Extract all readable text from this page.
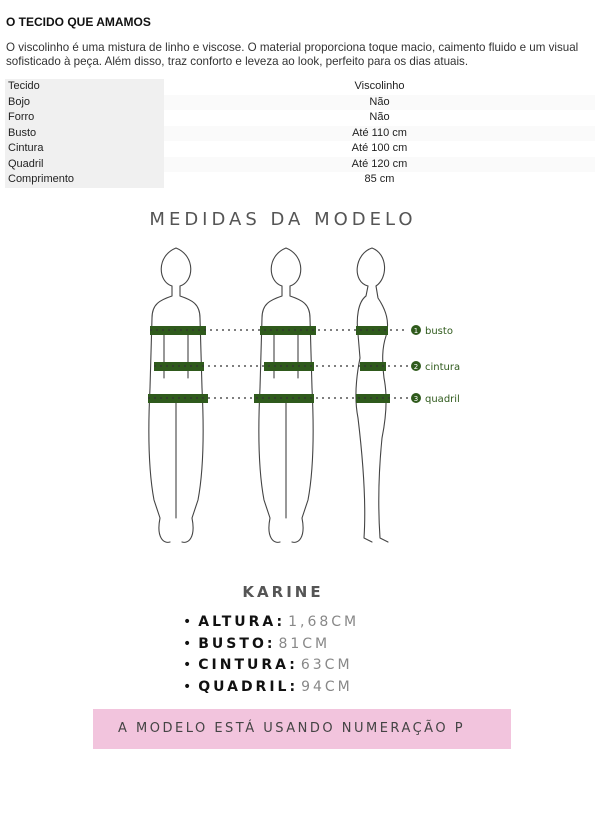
O TECIDO QUE AMAMOS
O viscolinho é uma mistura de linho e viscose. O material proporciona toque macio, caimento fluido e um visual sofisticado à peça. Além disso, traz conforto e leveza ao look, perfeito para os dias atuais.
Tecido	Viscolinho
Bojo	Não
Forro	Não
Busto	Até 110 cm
Cintura	Até 100 cm
Quadril	Até 120 cm
Comprimento	85 cm
MEDIDAS DA MODELO
1 busto
2 cintura
3 quadril
KARINE
• ALTURA: 1,68CM
• BUSTO: 81CM
• CINTURA: 63CM
• QUADRIL: 94CM
A MODELO ESTÁ USANDO NUMERAÇÃO P
